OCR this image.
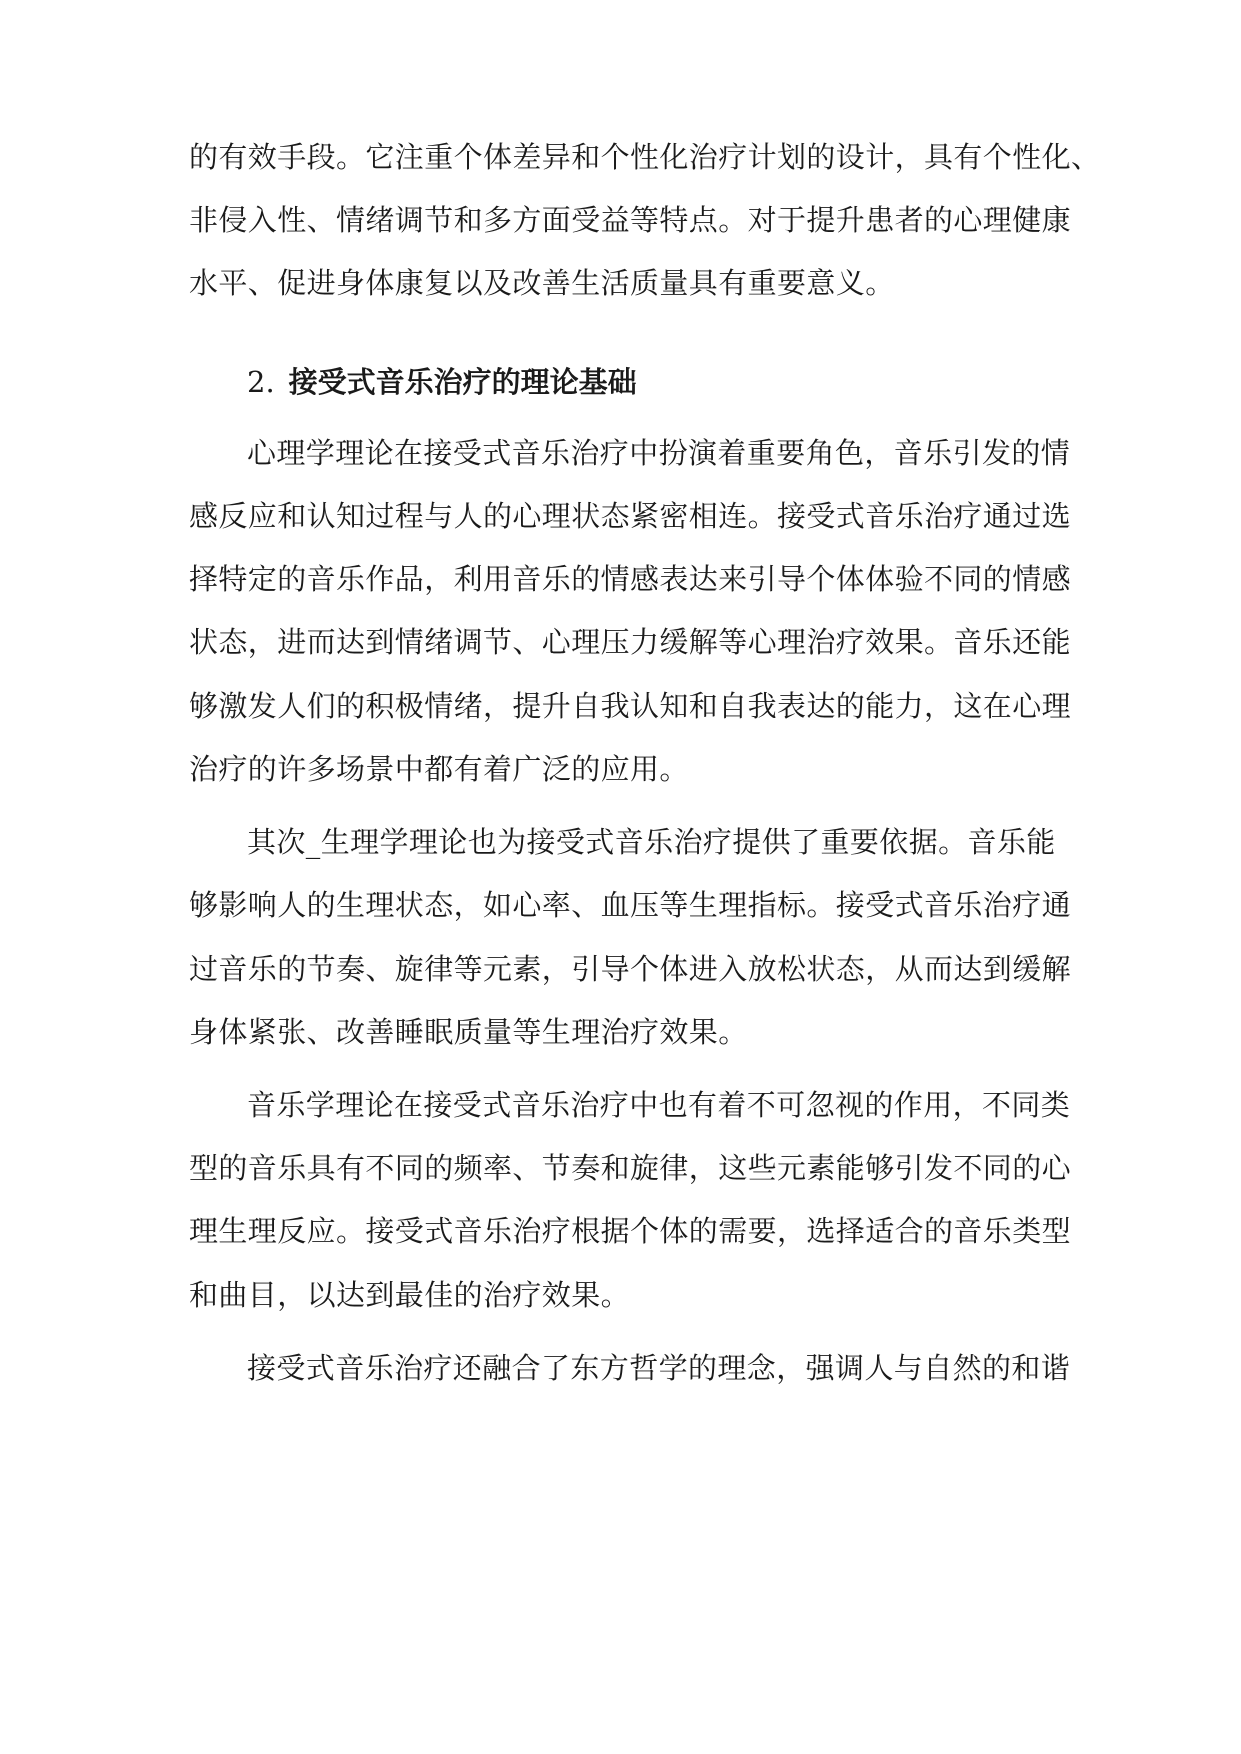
的有效手段。它注重个体差异和个性化治疗计划的设计，具有个性化、
非侵入性、情绪调节和多方面受益等特点。对于提升患者的心理健康
水平、促进身体康复以及改善生活质量具有重要意义。
2. 接受式音乐治疗的理论基础
心理学理论在接受式音乐治疗中扮演着重要角色，音乐引发的情
感反应和认知过程与人的心理状态紧密相连。接受式音乐治疗通过选
择特定的音乐作品，利用音乐的情感表达来引导个体体验不同的情感
状态，进而达到情绪调节、心理压力缓解等心理治疗效果。音乐还能
够激发人们的积极情绪，提升自我认知和自我表达的能力，这在心理
治疗的许多场景中都有着广泛的应用。
其次_生理学理论也为接受式音乐治疗提供了重要依据。音乐能
够影响人的生理状态，如心率、血压等生理指标。接受式音乐治疗通
过音乐的节奏、旋律等元素，引导个体进入放松状态，从而达到缓解
身体紧张、改善睡眠质量等生理治疗效果。
音乐学理论在接受式音乐治疗中也有着不可忽视的作用，不同类
型的音乐具有不同的频率、节奏和旋律，这些元素能够引发不同的心
理生理反应。接受式音乐治疗根据个体的需要，选择适合的音乐类型
和曲目，以达到最佳的治疗效果。
接受式音乐治疗还融合了东方哲学的理念，强调人与自然的和谐
